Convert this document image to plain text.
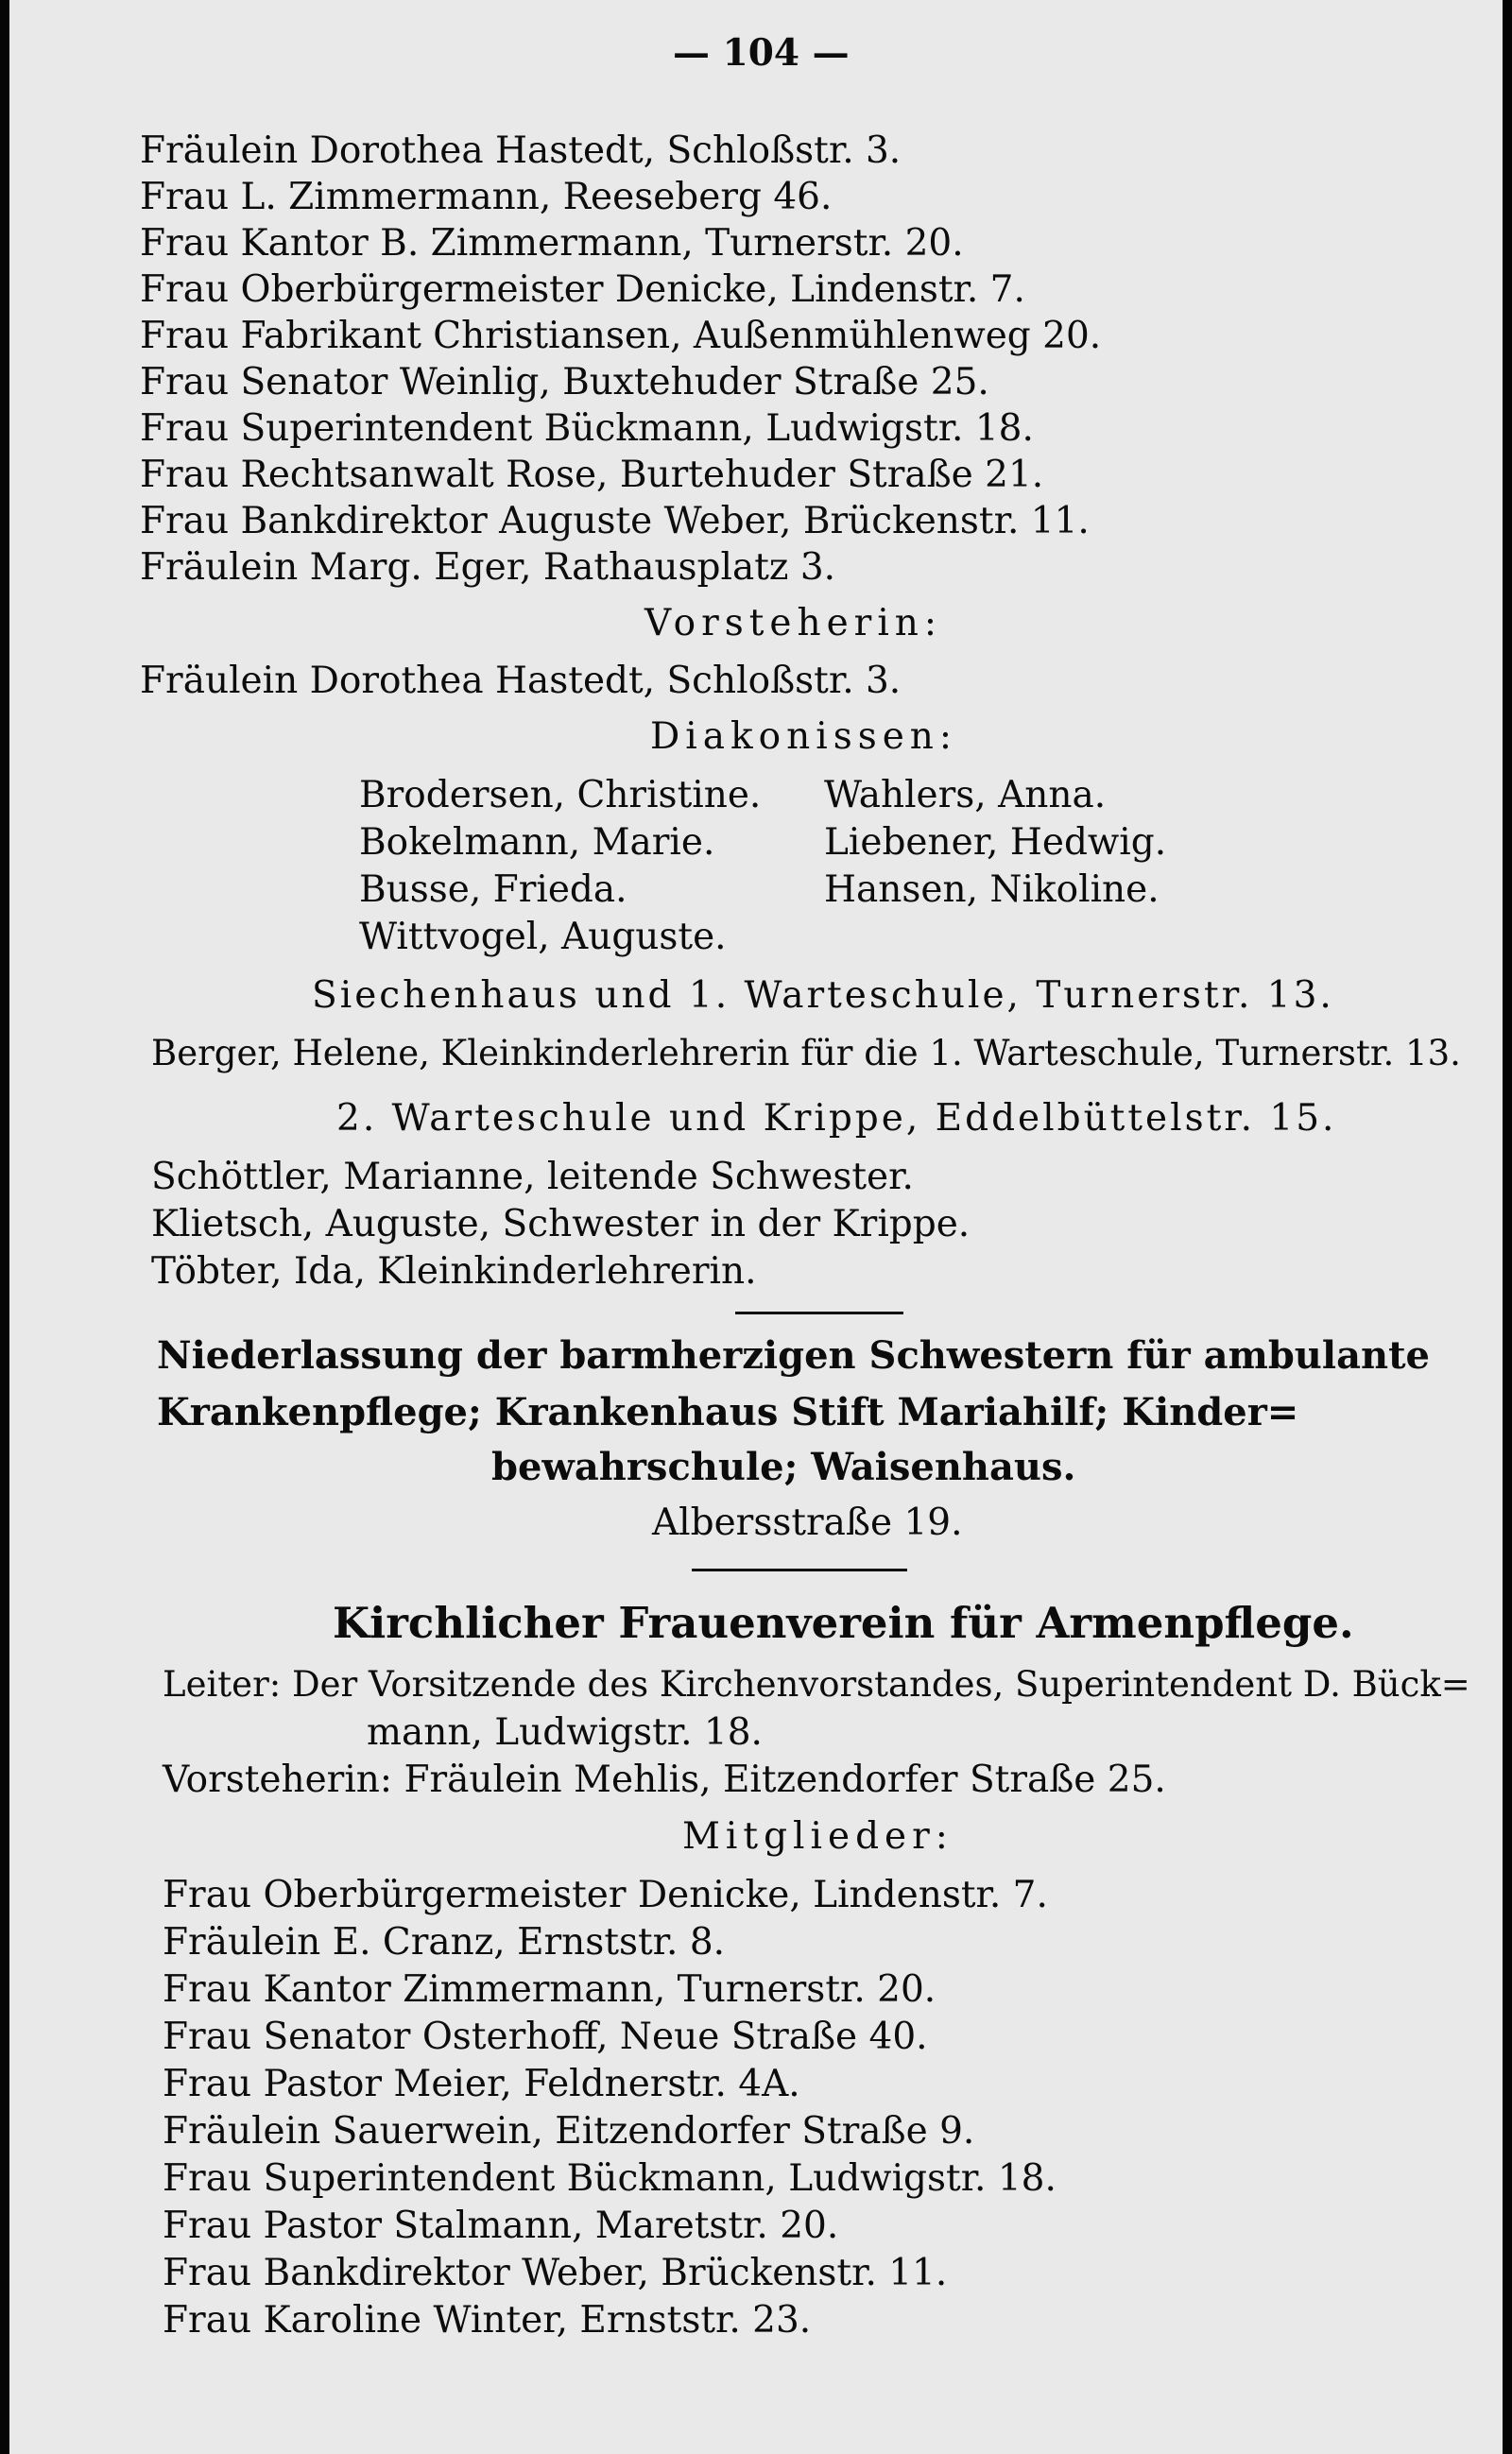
— 104 —
Fräulein Dorothea Hastedt, Schloßstr. 3.
Frau L. Zimmermann, Reeseberg 46.
Frau Kantor B. Zimmermann, Turnerstr. 20.
Frau Oberbürgermeister Denicke, Lindenstr. 7.
Frau Fabrikant Christiansen, Außenmühlenweg 20.
Frau Senator Weinlig, Buxtehuder Straße 25.
Frau Superintendent Bückmann, Ludwigstr. 18.
Frau Rechtsanwalt Rose, Burtehuder Straße 21.
Frau Bankdirektor Auguste Weber, Brückenstr. 11.
Fräulein Marg. Eger, Rathausplatz 3.
Vorsteherin:
Fräulein Dorothea Hastedt, Schloßstr. 3.
Diakonissen:
Brodersen, Christine.
Bokelmann, Marie.
Busse, Frieda.
Wittvogel, Auguste.
Wahlers, Anna.
Liebener, Hedwig.
Hansen, Nikoline.
Siechenhaus und 1. Warteschule, Turnerstr. 13.
Berger, Helene, Kleinkinderlehrerin für die 1. Warteschule, Turnerstr. 13.
2. Warteschule und Krippe, Eddelbüttelstr. 15.
Schöttler, Marianne, leitende Schwester.
Klietsch, Auguste, Schwester in der Krippe.
Töbter, Ida, Kleinkinderlehrerin.
Niederlassung der barmherzigen Schwestern für ambulante
Krankenpflege; Krankenhaus Stift Mariahilf; Kinder=
bewahrschule; Waisenhaus.
Albersstraße 19.
Kirchlicher Frauenverein für Armenpflege.
Leiter: Der Vorsitzende des Kirchenvorstandes, Superintendent D. Bück=
mann, Ludwigstr. 18.
Vorsteherin: Fräulein Mehlis, Eitzendorfer Straße 25.
Mitglieder:
Frau Oberbürgermeister Denicke, Lindenstr. 7.
Fräulein E. Cranz, Ernststr. 8.
Frau Kantor Zimmermann, Turnerstr. 20.
Frau Senator Osterhoff, Neue Straße 40.
Frau Pastor Meier, Feldnerstr. 4A.
Fräulein Sauerwein, Eitzendorfer Straße 9.
Frau Superintendent Bückmann, Ludwigstr. 18.
Frau Pastor Stalmann, Maretstr. 20.
Frau Bankdirektor Weber, Brückenstr. 11.
Frau Karoline Winter, Ernststr. 23.
